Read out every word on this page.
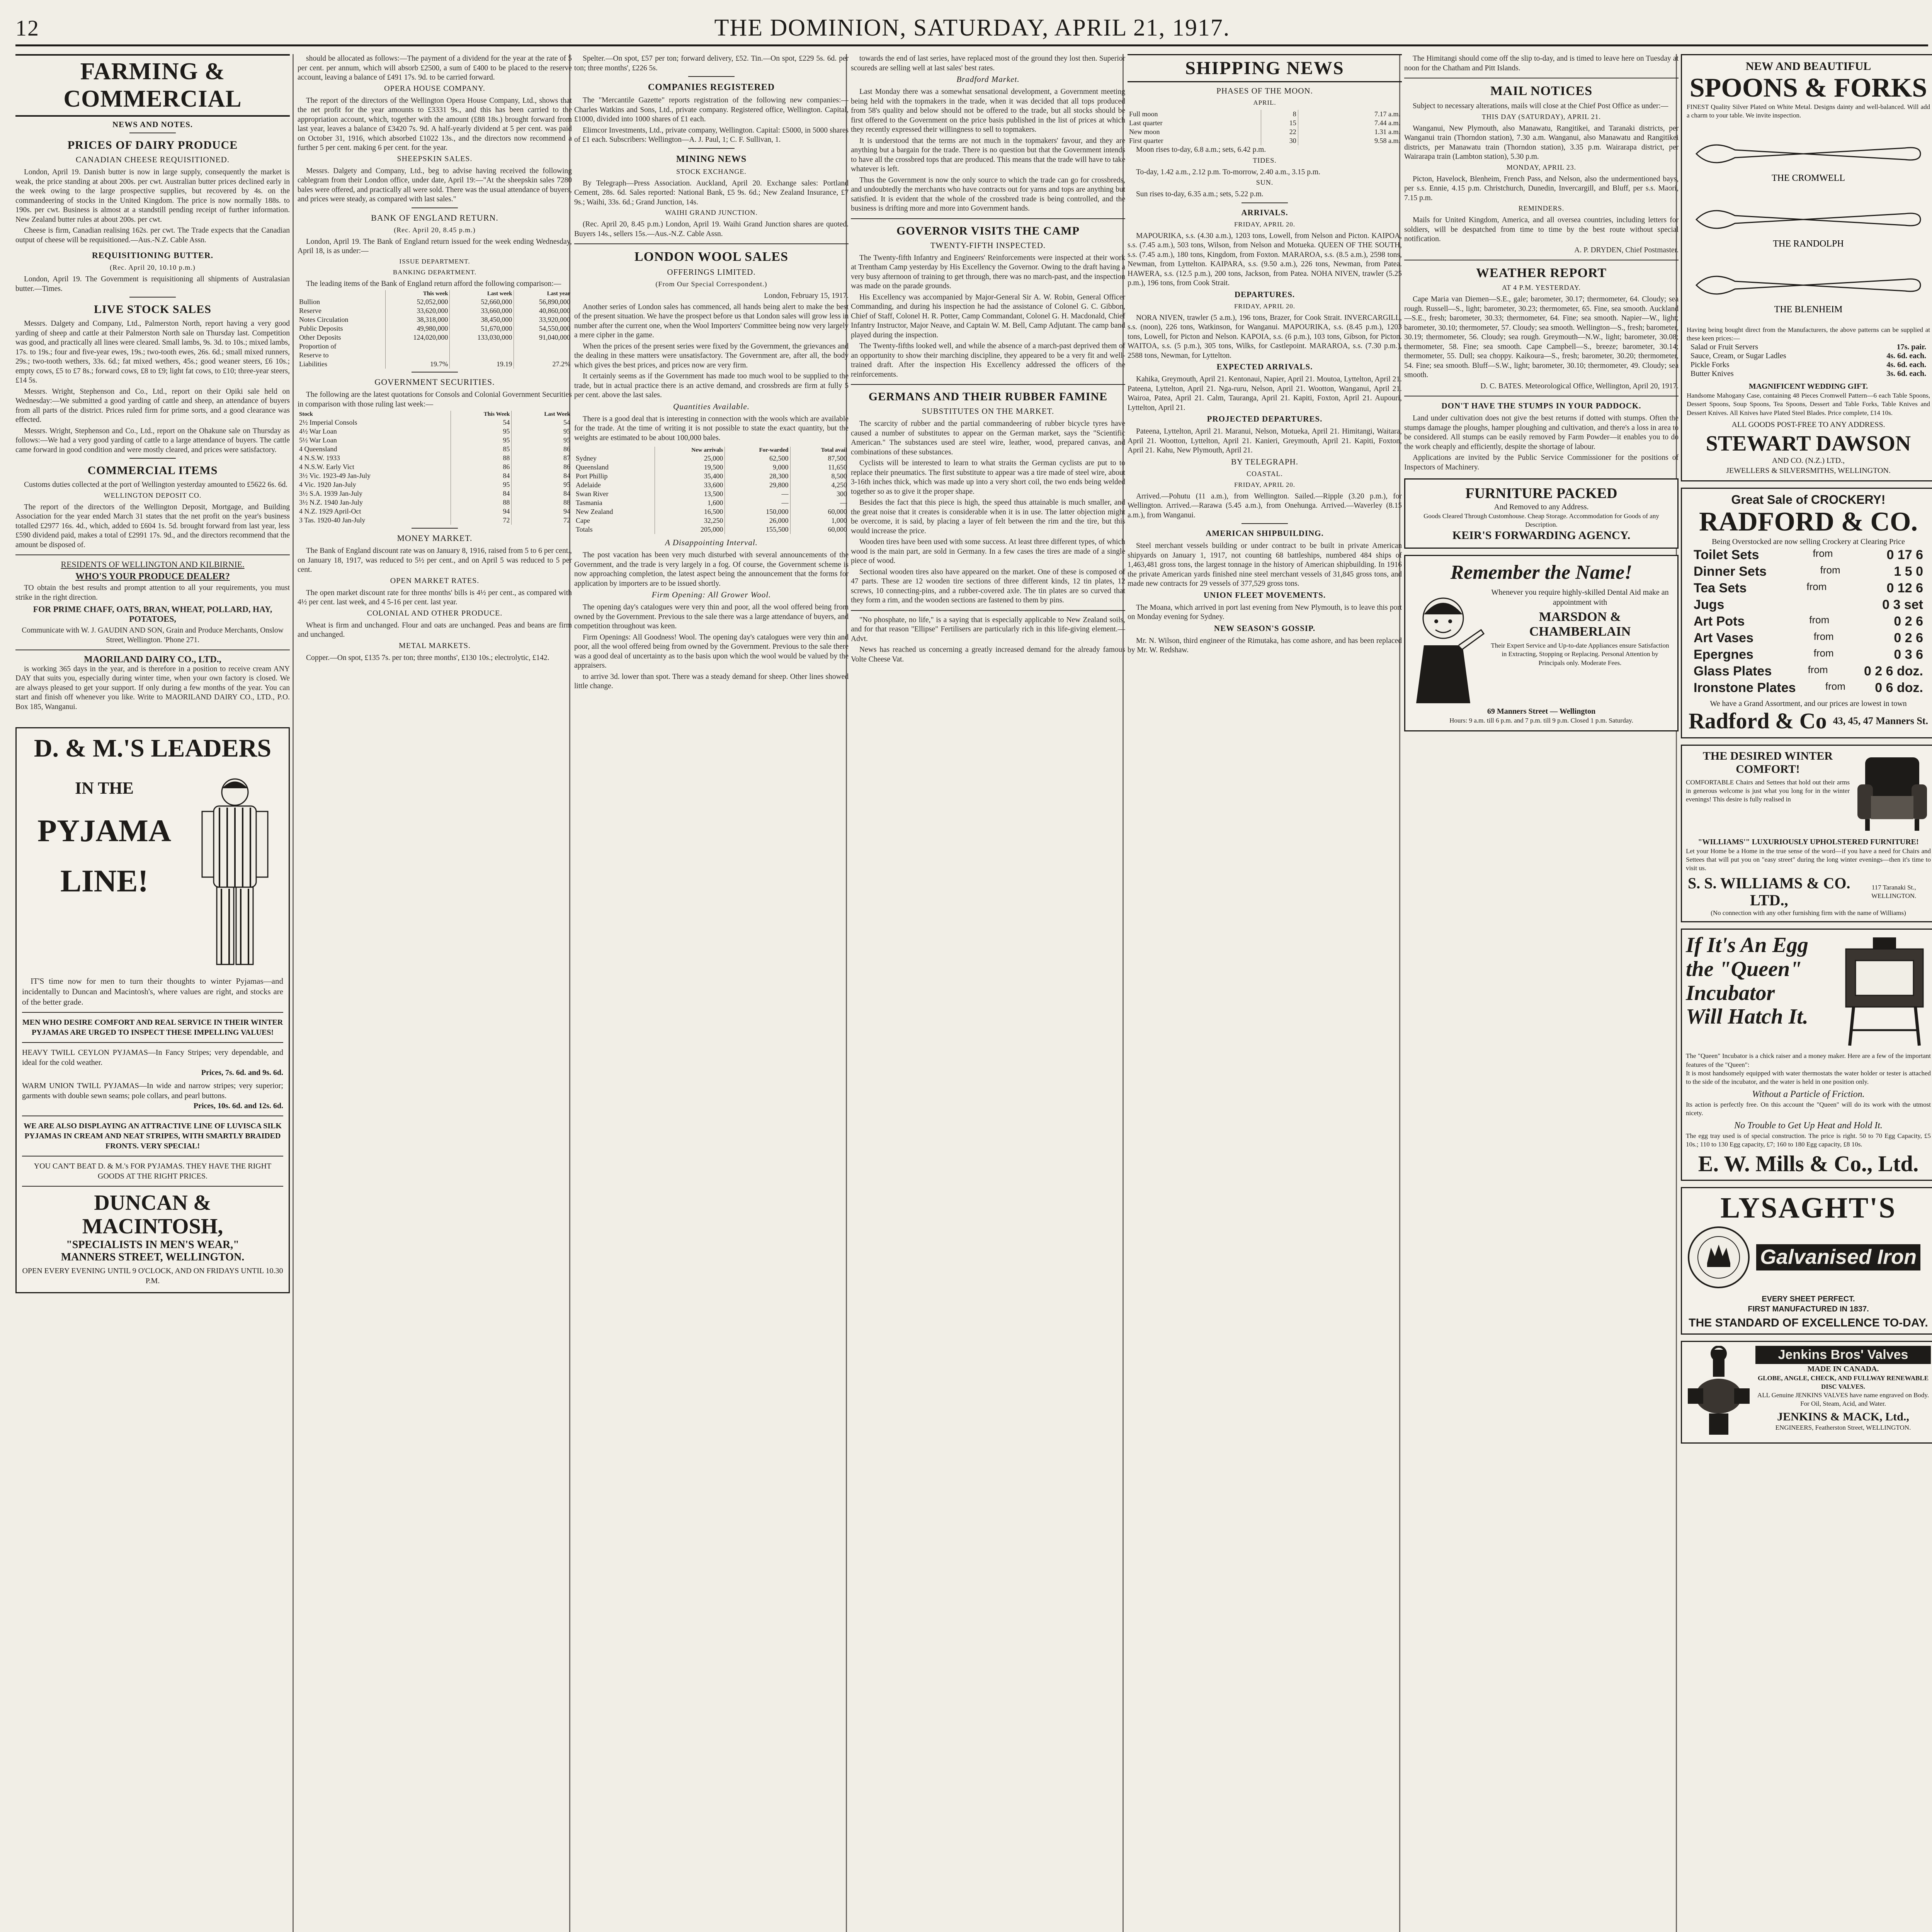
12	THE DOMINION, SATURDAY, APRIL 21, 1917.
FARMING & COMMERCIAL
NEWS AND NOTES.
PRICES OF DAIRY PRODUCE
CANADIAN CHEESE REQUISITIONED.

London, April 19. Danish butter is now in large supply, consequently the market is weak, the price standing at about 200s. per cwt. Australian butter prices declined early in the week owing to the large prospective supplies, but recovered by 4s. on the commandeering of stocks in the United Kingdom. The price is now normally 188s. to 190s. per cwt. Business is almost at a standstill pending receipt of further information. New Zealand butter rules at about 200s. per cwt.

Cheese is firm, Canadian realising 162s. per cwt. The Trade expects that the Canadian output of cheese will be requisitioned.—Aus.-N.Z. Cable Assn.

REQUISITIONING BUTTER.
(Rec. April 20, 10.10 p.m.)

London, April 19. The Government is requisitioning all shipments of Australasian butter.—Times.

LIVE STOCK SALES

Messrs. Dalgety and Company, Ltd., Palmerston North, report having a very good yarding of sheep and cattle at their Palmerston North sale on Thursday last. Competition was good, and practically all lines were cleared. Small lambs, 9s. 3d. to 10s.; mixed lambs, 17s. to 19s.; four and five-year ewes, 19s.; two-tooth ewes, 26s. 6d.; small mixed runners, 29s.; two-tooth wethers, 33s. 6d.; fat mixed wethers, 45s.; good weaner steers, £6 10s.; empty cows, £5 to £7 8s.; forward cows, £8 to £9; light fat cows, to £10; three-year steers, £14 5s.

Messrs. Wright, Stephenson and Co., Ltd., report on their Opiki sale held on Wednesday:—We submitted a good yarding of cattle and sheep, an attendance of buyers from all parts of the district. Prices ruled firm for prime sorts, and a good clearance was effected.

Messrs. Wright, Stephenson and Co., Ltd., report on the Ohakune sale on Thursday as follows:—We had a very good yarding of cattle to a large attendance of buyers. The cattle came forward in good condition and were mostly cleared, and prices were satisfactory.

COMMERCIAL ITEMS

Customs duties collected at the port of Wellington yesterday amounted to £5622 6s. 6d.

WELLINGTON DEPOSIT CO.

The report of the directors of the Wellington Deposit, Mortgage, and Building Association for the year ended March 31 states that the net profit on the year's business totalled £2977 16s. 4d., which, added to £604 1s. 5d. brought forward from last year, less £590 dividend paid, makes a total of £2991 17s. 9d., and the directors recommend that the amount be disposed of.

RESIDENTS OF WELLINGTON AND KILBIRNIE.
WHO'S YOUR PRODUCE DEALER?

TO obtain the best results and prompt attention to all your requirements, you must strike in the right direction.

FOR PRIME CHAFF, OATS, BRAN, WHEAT, POLLARD, HAY, POTATOES,

Communicate with W. J. GAUDIN AND SON, Grain and Produce Merchants, Onslow Street, Wellington. 'Phone 271.

MAORILAND DAIRY CO., LTD.,

is working 365 days in the year, and is therefore in a position to receive cream ANY DAY that suits you, especially during winter time, when your own factory is closed. We are always pleased to get your support. If only during a few months of the year. You can start and finish off whenever you like. Write to MAORILAND DAIRY CO., LTD., P.O. Box 185, Wanganui.

D. & M.'S LEADERS
IN THE
PYJAMA
LINE!

IT'S time now for men to turn their thoughts to winter Pyjamas—and incidentally to Duncan and Macintosh's, where values are right, and stocks are of the better grade.

MEN WHO DESIRE COMFORT AND REAL SERVICE IN THEIR WINTER PYJAMAS ARE URGED TO INSPECT THESE IMPELLING VALUES!
HEAVY TWILL CEYLON PYJAMAS—In Fancy Stripes; very dependable, and ideal for the cold weather.
Prices, 7s. 6d. and 9s. 6d.
WARM UNION TWILL PYJAMAS—In wide and narrow stripes; very superior; garments with double sewn seams; pole collars, and pearl buttons.
Prices, 10s. 6d. and 12s. 6d.
WE ARE ALSO DISPLAYING AN ATTRACTIVE LINE OF LUVISCA SILK PYJAMAS IN CREAM AND NEAT STRIPES, WITH SMARTLY BRAIDED FRONTS. VERY SPECIAL!
YOU CAN'T BEAT D. & M.'s FOR PYJAMAS. THEY HAVE THE RIGHT GOODS AT THE RIGHT PRICES.
DUNCAN & MACINTOSH,
"SPECIALISTS IN MEN'S WEAR,"
MANNERS STREET, WELLINGTON.
OPEN EVERY EVENING UNTIL 9 O'CLOCK, AND ON FRIDAYS UNTIL 10.30 P.M.

should be allocated as follows:—The payment of a dividend for the year at the rate of 5 per cent. per annum, which will absorb £2500, a sum of £400 to be placed to the reserve account, leaving a balance of £491 17s. 9d. to be carried forward.

OPERA HOUSE COMPANY.

The report of the directors of the Wellington Opera House Company, Ltd., shows that the net profit for the year amounts to £3331 9s., and this has been carried to the appropriation account, which, together with the amount (£88 18s.) brought forward from last year, leaves a balance of £3420 7s. 9d. A half-yearly dividend at 5 per cent. was paid on October 31, 1916, which absorbed £1022 13s., and the directors now recommend a further 5 per cent. making 6 per cent. for the year.

SHEEPSKIN SALES.

Messrs. Dalgety and Company, Ltd., beg to advise having received the following cablegram from their London office, under date, April 19:—"At the sheepskin sales 7280 bales were offered, and practically all were sold. There was the usual attendance of buyers, and prices were steady, as compared with last sales."

BANK OF ENGLAND RETURN.
(Rec. April 20, 8.45 p.m.)

London, April 19. The Bank of England return issued for the week ending Wednesday, April 18, is as under:—

ISSUE DEPARTMENT.
BANKING DEPARTMENT.

The leading items of the Bank of England return afford the following comparison:—

	This week	Last week	Last year
Bullion	52,052,000	52,660,000	56,890,000
Reserve	33,620,000	33,660,000	40,860,000
Notes Circulation	38,318,000	38,450,000	33,920,000
Public Deposits	49,980,000	51,670,000	54,550,000
Other Deposits	124,020,000	133,030,000	91,040,000
Proportion of			
Reserve to			
Liabilities	19.7%	19.19	27.2%
GOVERNMENT SECURITIES.

The following are the latest quotations for Consols and Colonial Government Securities in comparison with those ruling last week:—

Stock	This Week	Last Week
2½ Imperial Consols	54	54
4½ War Loan	95	95
5½ War Loan	95	95
4 Queensland	85	86
4 N.S.W. 1933	88	87
4 N.S.W. Early Vict	86	86
3½ Vic. 1923-49 Jan-July	84	84
4 Vic. 1920 Jan-July	95	95
3½ S.A. 1939 Jan-July	84	84
3½ N.Z. 1940 Jan-July	88	88
4 N.Z. 1929 April-Oct	94	94
3 Tas. 1920-40 Jan-July	72	72
MONEY MARKET.

The Bank of England discount rate was on January 8, 1916, raised from 5 to 6 per cent., on January 18, 1917, was reduced to 5½ per cent., and on April 5 was reduced to 5 per cent.

OPEN MARKET RATES.

The open market discount rate for three months' bills is 4½ per cent., as compared with 4½ per cent. last week, and 4 5-16 per cent. last year.

COLONIAL AND OTHER PRODUCE.

Wheat is firm and unchanged. Flour and oats are unchanged. Peas and beans are firm and unchanged.

METAL MARKETS.

Copper.—On spot, £135 7s. per ton; three months', £130 10s.; electrolytic, £142.

Spelter.—On spot, £57 per ton; forward delivery, £52. Tin.—On spot, £229 5s. 6d. per ton; three months', £226 5s.

COMPANIES REGISTERED

The "Mercantile Gazette" reports registration of the following new companies:—Charles Watkins and Sons, Ltd., private company. Registered office, Wellington. Capital, £1000, divided into 1000 shares of £1 each.

Elimcor Investments, Ltd., private company, Wellington. Capital: £5000, in 5000 shares of £1 each. Subscribers: Wellington—A. J. Paul, 1; C. F. Sullivan, 1.

MINING NEWS
STOCK EXCHANGE.

By Telegraph—Press Association. Auckland, April 20. Exchange sales: Portland Cement, 28s. 6d. Sales reported: National Bank, £5 9s. 6d.; New Zealand Insurance, £7 9s.; Waihi, 33s. 6d.; Grand Junction, 14s.

WAIHI GRAND JUNCTION.

(Rec. April 20, 8.45 p.m.) London, April 19. Waihi Grand Junction shares are quoted. Buyers 14s., sellers 15s.—Aus.-N.Z. Cable Assn.

LONDON WOOL SALES
OFFERINGS LIMITED.
(From Our Special Correspondent.)

London, February 15, 1917.

Another series of London sales has commenced, all hands being alert to make the best of the present situation. We have the prospect before us that London sales will grow less in number after the current one, when the Wool Importers' Committee being now very largely a mere cipher in the game.

When the prices of the present series were fixed by the Government, the grievances and the dealing in these matters were unsatisfactory. The Government are, after all, the body which gives the best prices, and prices now are very firm.

It certainly seems as if the Government has made too much wool to be supplied to the trade, but in actual practice there is an active demand, and crossbreds are firm at fully 5 per cent. above the last sales.

Quantities Available.

There is a good deal that is interesting in connection with the wools which are available for the trade. At the time of writing it is not possible to state the exact quantity, but the weights are estimated to be about 100,000 bales.

	New arrivals	For-warded	Total avail
Sydney	25,000	62,500	87,500
Queensland	19,500	9,000	11,650
Port Phillip	35,400	28,300	8,500
Adelaide	33,600	29,800	4,250
Swan River	13,500	—	300
Tasmania	1,600	—	—
New Zealand	16,500	150,000	60,000
Cape	32,250	26,000	1,000
Totals	205,000	155,500	60,000
A Disappointing Interval.

The post vacation has been very much disturbed with several announcements of the Government, and the trade is very largely in a fog. Of course, the Government scheme is now approaching completion, the latest aspect being the announcement that the forms for application by importers are to be issued shortly.

Firm Opening: All Grower Wool.

The opening day's catalogues were very thin and poor, all the wool offered being from owned by the Government. Previous to the sale there was a large attendance of buyers, and competition throughout was keen.

Firm Openings: All Goodness! Wool. The opening day's catalogues were very thin and poor, all the wool offered being from owned by the Government. Previous to the sale there was a good deal of uncertainty as to the basis upon which the wool would be valued by the appraisers.

to arrive 3d. lower than spot. There was a steady demand for sheep. Other lines showed little change.

towards the end of last series, have replaced most of the ground they lost then. Superior scoureds are selling well at last sales' best rates.

Bradford Market.

Last Monday there was a somewhat sensational development, a Government meeting being held with the topmakers in the trade, when it was decided that all tops produced from 58's quality and below should not be offered to the trade, but all stocks should be first offered to the Government on the price basis published in the list of prices at which they recently expressed their willingness to sell to topmakers.

It is understood that the terms are not much in the topmakers' favour, and they are anything but a bargain for the trade. There is no question but that the Government intends to have all the crossbred tops that are produced. This means that the trade will have to take whatever is left.

Thus the Government is now the only source to which the trade can go for crossbreds, and undoubtedly the merchants who have contracts out for yarns and tops are anything but satisfied. It is evident that the whole of the crossbred trade is being controlled, and the business is drifting more and more into Government hands.

GOVERNOR VISITS THE CAMP
TWENTY-FIFTH INSPECTED.

The Twenty-fifth Infantry and Engineers' Reinforcements were inspected at their work at Trentham Camp yesterday by His Excellency the Governor. Owing to the draft having a very busy afternoon of training to get through, there was no march-past, and the inspection was made on the parade grounds.

His Excellency was accompanied by Major-General Sir A. W. Robin, General Officer Commanding, and during his inspection he had the assistance of Colonel G. C. Gibbon, Chief of Staff, Colonel H. R. Potter, Camp Commandant, Colonel G. H. Macdonald, Chief Infantry Instructor, Major Neave, and Captain W. M. Bell, Camp Adjutant. The camp band played during the inspection.

The Twenty-fifths looked well, and while the absence of a march-past deprived them of an opportunity to show their marching discipline, they appeared to be a very fit and well-trained draft. After the inspection His Excellency addressed the officers of the reinforcements.

GERMANS AND THEIR RUBBER FAMINE
SUBSTITUTES ON THE MARKET.

The scarcity of rubber and the partial commandeering of rubber bicycle tyres have caused a number of substitutes to appear on the German market, says the "Scientific American." The substances used are steel wire, leather, wood, prepared canvas, and combinations of these substances.

Cyclists will be interested to learn to what straits the German cyclists are put to to replace their pneumatics. The first substitute to appear was a tire made of steel wire, about 3-16th inches thick, which was made up into a very short coil, the two ends being welded together so as to give it the proper shape.

Besides the fact that this piece is high, the speed thus attainable is much smaller, and the great noise that it creates is considerable when it is in use. The latter objection might be overcome, it is said, by placing a layer of felt between the rim and the tire, but this would increase the price.

Wooden tires have been used with some success. At least three different types, of which wood is the main part, are sold in Germany. In a few cases the tires are made of a single piece of wood.

Sectional wooden tires also have appeared on the market. One of these is composed of 47 parts. These are 12 wooden tire sections of three different kinds, 12 tin plates, 12 screws, 10 connecting-pins, and a rubber-covered axle. The tin plates are so curved that they form a rim, and the wooden sections are fastened to them by pins.

"No phosphate, no life," is a saying that is especially applicable to New Zealand soils, and for that reason "Ellipse" Fertilisers are particularly rich in this life-giving element.—Advt.

News has reached us concerning a greatly increased demand for the already famous Volte Cheese Vat.

SHIPPING NEWS
PHASES OF THE MOON.
APRIL.
Full moon	8	7.17 a.m.
Last quarter	15	7.44 a.m.
New moon	22	1.31 a.m.
First quarter	30	9.58 a.m.

Moon rises to-day, 6.8 a.m.; sets, 6.42 p.m.

TIDES.

To-day, 1.42 a.m., 2.12 p.m. To-morrow, 2.40 a.m., 3.15 p.m.

SUN.

Sun rises to-day, 6.35 a.m.; sets, 5.22 p.m.

ARRIVALS.
FRIDAY, APRIL 20.

MAPOURIKA, s.s. (4.30 a.m.), 1203 tons, Lowell, from Nelson and Picton. KAIPOA, s.s. (7.45 a.m.), 503 tons, Wilson, from Nelson and Motueka. QUEEN OF THE SOUTH, s.s. (7.45 a.m.), 180 tons, Kingdom, from Foxton. MARAROA, s.s. (8.5 a.m.), 2598 tons, Newman, from Lyttelton. KAIPARA, s.s. (9.50 a.m.), 226 tons, Newman, from Patea. HAWERA, s.s. (12.5 p.m.), 200 tons, Jackson, from Patea. NOHA NIVEN, trawler (5.25 p.m.), 196 tons, from Cook Strait.

DEPARTURES.
FRIDAY, APRIL 20.

NORA NIVEN, trawler (5 a.m.), 196 tons, Brazer, for Cook Strait. INVERCARGILL, s.s. (noon), 226 tons, Watkinson, for Wanganui. MAPOURIKA, s.s. (8.45 p.m.), 1203 tons, Lowell, for Picton and Nelson. KAPOIA, s.s. (6 p.m.), 103 tons, Gibson, for Picton. WAITOA, s.s. (5 p.m.), 305 tons, Wilks, for Castlepoint. MARAROA, s.s. (7.30 p.m.), 2588 tons, Newman, for Lyttelton.

EXPECTED ARRIVALS.

Kahika, Greymouth, April 21. Kentonaui, Napier, April 21. Moutoa, Lyttelton, April 21. Pateena, Lyttelton, April 21. Nga-ruru, Nelson, April 21. Wootton, Wanganui, April 21. Wairoa, Patea, April 21. Calm, Tauranga, April 21. Kapiti, Foxton, April 21. Aupouri, Lyttelton, April 21.

PROJECTED DEPARTURES.

Pateena, Lyttelton, April 21. Maranui, Nelson, Motueka, April 21. Himitangi, Waitara, April 21. Wootton, Lyttelton, April 21. Kanieri, Greymouth, April 21. Kapiti, Foxton, April 21. Kahu, New Plymouth, April 21.

BY TELEGRAPH.
COASTAL.
FRIDAY, APRIL 20.

Arrived.—Pohutu (11 a.m.), from Wellington. Sailed.—Ripple (3.20 p.m.), for Wellington. Arrived.—Rarawa (5.45 a.m.), from Onehunga. Arrived.—Waverley (8.15 a.m.), from Wanganui.

AMERICAN SHIPBUILDING.

Steel merchant vessels building or under contract to be built in private American shipyards on January 1, 1917, not counting 68 battleships, numbered 484 ships of 1,463,481 gross tons, the largest tonnage in the history of American shipbuilding. In 1916 the private American yards finished nine steel merchant vessels of 31,845 gross tons, and made new contracts for 29 vessels of 377,529 gross tons.

UNION FLEET MOVEMENTS.

The Moana, which arrived in port last evening from New Plymouth, is to leave this port on Monday evening for Sydney.

NEW SEASON'S GOSSIP.

Mr. N. Wilson, third engineer of the Rimutaka, has come ashore, and has been replaced by Mr. W. Redshaw.

The Himitangi should come off the slip to-day, and is timed to leave here on Tuesday at noon for the Chatham and Pitt Islands.

MAIL NOTICES

Subject to necessary alterations, mails will close at the Chief Post Office as under:—

THIS DAY (SATURDAY), APRIL 21.

Wanganui, New Plymouth, also Manawatu, Rangitikei, and Taranaki districts, per Wanganui train (Thorndon station), 7.30 a.m. Wanganui, also Manawatu and Rangitikei districts, per Manawatu train (Thorndon station), 3.35 p.m. Wairarapa district, per Wairarapa train (Lambton station), 5.30 p.m.

MONDAY, APRIL 23.

Picton, Havelock, Blenheim, French Pass, and Nelson, also the undermentioned bays, per s.s. Ennie, 4.15 p.m. Christchurch, Dunedin, Invercargill, and Bluff, per s.s. Maori, 7.15 p.m.

REMINDERS.

Mails for United Kingdom, America, and all oversea countries, including letters for soldiers, will be despatched from time to time by the best route without special notification.

A. P. DRYDEN, Chief Postmaster.

WEATHER REPORT
AT 4 P.M. YESTERDAY.

Cape Maria van Diemen—S.E., gale; barometer, 30.17; thermometer, 64. Cloudy; sea rough. Russell—S., light; barometer, 30.23; thermometer, 65. Fine, sea smooth. Auckland—S.E., fresh; barometer, 30.33; thermometer, 64. Fine; sea smooth. Napier—W., light; barometer, 30.10; thermometer, 57. Cloudy; sea smooth. Wellington—S., fresh; barometer, 30.19; thermometer, 56. Cloudy; sea rough. Greymouth—N.W., light; barometer, 30.08; thermometer, 58. Fine; sea smooth. Cape Campbell—S., breeze; barometer, 30.14; thermometer, 55. Dull; sea choppy. Kaikoura—S., fresh; barometer, 30.20; thermometer, 54. Fine; sea smooth. Bluff—S.W., light; barometer, 30.10; thermometer, 49. Cloudy; sea smooth.

D. C. BATES. Meteorological Office, Wellington, April 20, 1917.

DON'T HAVE THE STUMPS IN YOUR PADDOCK.

Land under cultivation does not give the best returns if dotted with stumps. Often the stumps damage the ploughs, hamper ploughing and cultivation, and there's a loss in area to be considered. All stumps can be easily removed by Farm Powder—it enables you to do the work cheaply and efficiently, despite the shortage of labour.

Applications are invited by the Public Service Commissioner for the positions of Inspectors of Machinery.

FURNITURE PACKED
And Removed to any Address.
Goods Cleared Through Customhouse. Cheap Storage. Accommodation for Goods of any Description.
KEIR'S FORWARDING AGENCY.
Remember the Name!
Whenever you require highly-skilled Dental Aid make an appointment with
MARSDON & CHAMBERLAIN
Their Expert Service and Up-to-date Appliances ensure Satisfaction in Extracting, Stopping or Replacing. Personal Attention by Principals only. Moderate Fees.
69 Manners Street — Wellington
Hours: 9 a.m. till 6 p.m. and 7 p.m. till 9 p.m. Closed 1 p.m. Saturday.
NEW AND BEAUTIFUL
SPOONS & FORKS
FINEST Quality Silver Plated on White Metal. Designs dainty and well-balanced. Will add a charm to your table. We invite inspection.
THE CROMWELL
THE RANDOLPH
THE BLENHEIM
Having being bought direct from the Manufacturers, the above patterns can be supplied at these keen prices:—
Salad or Fruit Servers	17s. pair.
Sauce, Cream, or Sugar Ladles	4s. 6d. each.
Pickle Forks	4s. 6d. each.
Butter Knives	3s. 6d. each.
MAGNIFICENT WEDDING GIFT.
Handsome Mahogany Case, containing 48 Pieces Cromwell Pattern—6 each Table Spoons, Dessert Spoons, Soup Spoons, Tea Spoons, Dessert and Table Forks, Table Knives and Dessert Knives. All Knives have Plated Steel Blades. Price complete, £14 10s.
ALL GOODS POST-FREE TO ANY ADDRESS.
STEWART DAWSON
AND CO. (N.Z.) LTD.,
JEWELLERS & SILVERSMITHS, WELLINGTON.
Great Sale of CROCKERY!
RADFORD & CO.
Being Overstocked are now selling Crockery at Clearing Price
Toilet Sets	from	0 17 6
Dinner Sets	from	1 5 0
Tea Sets	from	0 12 6
Jugs	0 3 set
Art Pots	from	0 2 6
Art Vases	from	0 2 6
Epergnes	from	0 3 6
Glass Plates	from	0 2 6 doz.
Ironstone Plates	from 0 6 doz.
We have a Grand Assortment, and our prices are lowest in town
Radford & Co 43, 45, 47 Manners St.
THE DESIRED WINTER COMFORT!
COMFORTABLE Chairs and Settees that hold out their arms in generous welcome is just what you long for in the winter evenings! This desire is fully realised in
"WILLIAMS'" LUXURIOUSLY UPHOLSTERED FURNITURE!
Let your Home be a Home in the true sense of the word—if you have a need for Chairs and Settees that will put you on "easy street" during the long winter evenings—then it's time to visit us.
S. S. WILLIAMS & CO. LTD.,
117 Taranaki St., WELLINGTON.
(No connection with any other furnishing firm with the name of Williams)
If It's An Egg
the "Queen"
Incubator
Will Hatch It.
The "Queen" Incubator is a chick raiser and a money maker. Here are a few of the important features of the "Queen":
It is most handsomely equipped with water thermostats the water holder or tester is attached to the side of the incubator, and the water is held in one position only.
Without a Particle of Friction.
Its action is perfectly free. On this account the "Queen" will do its work with the utmost nicety.
No Trouble to Get Up Heat and Hold It.
The egg tray used is of special construction. The price is right. 50 to 70 Egg Capacity, £5 10s.; 110 to 130 Egg capacity, £7; 160 to 180 Egg capacity, £8 10s.
E. W. Mills & Co., Ltd.
LYSAGHT'S
Galvanised Iron
EVERY SHEET PERFECT.
FIRST MANUFACTURED IN 1837.
THE STANDARD OF EXCELLENCE TO-DAY.
Jenkins Bros' Valves
MADE IN CANADA.
GLOBE, ANGLE, CHECK, AND FULLWAY RENEWABLE DISC VALVES.
ALL Genuine JENKINS VALVES have name engraved on Body. For Oil, Steam, Acid, and Water.
JENKINS & MACK, Ltd.,
ENGINEERS, Featherston Street, WELLINGTON.
